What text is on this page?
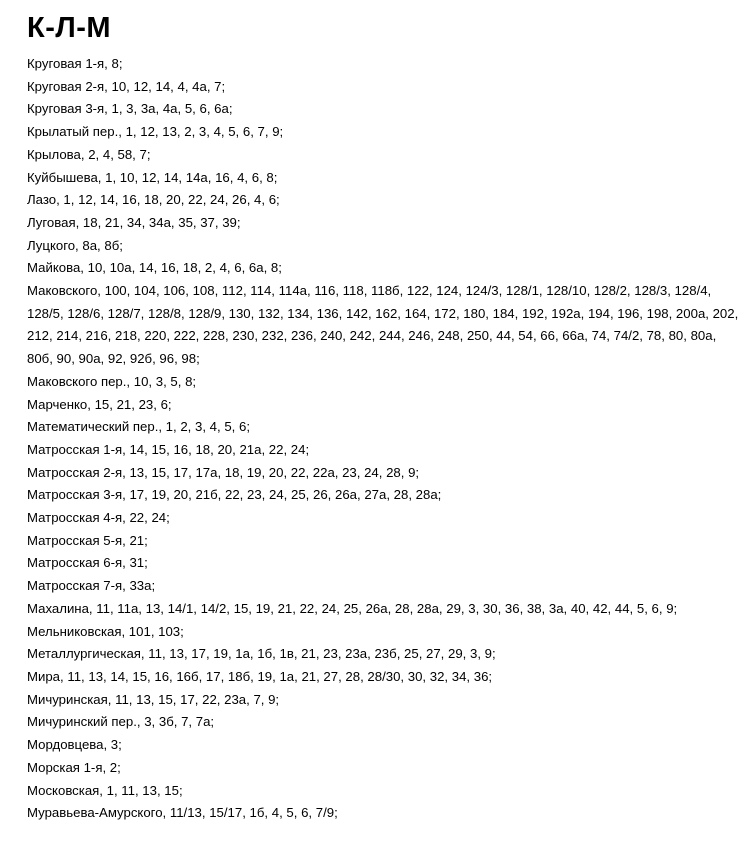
К-Л-М
Круговая 1-я, 8;
Круговая 2-я, 10, 12, 14, 4, 4а, 7;
Круговая 3-я, 1, 3, 3а, 4а, 5, 6, 6а;
Крылатый пер., 1, 12, 13, 2, 3, 4, 5, 6, 7, 9;
Крылова, 2, 4, 58, 7;
Куйбышева, 1, 10, 12, 14, 14а, 16, 4, 6, 8;
Лазо, 1, 12, 14, 16, 18, 20, 22, 24, 26, 4, 6;
Луговая, 18, 21, 34, 34а, 35, 37, 39;
Луцкого, 8а, 8б;
Майкова, 10, 10а, 14, 16, 18, 2, 4, 6, 6а, 8;
Маковского, 100, 104, 106, 108, 112, 114, 114а, 116, 118, 118б, 122, 124, 124/3, 128/1, 128/10, 128/2, 128/3, 128/4, 128/5, 128/6, 128/7, 128/8, 128/9, 130, 132, 134, 136, 142, 162, 164, 172, 180, 184, 192, 192а, 194, 196, 198, 200а, 202, 212, 214, 216, 218, 220, 222, 228, 230, 232, 236, 240, 242, 244, 246, 248, 250, 44, 54, 66, 66а, 74, 74/2, 78, 80, 80а, 80б, 90, 90а, 92, 92б, 96, 98;
Маковского пер., 10, 3, 5, 8;
Марченко, 15, 21, 23, 6;
Математический пер., 1, 2, 3, 4, 5, 6;
Матросская 1-я, 14, 15, 16, 18, 20, 21а, 22, 24;
Матросская 2-я, 13, 15, 17, 17а, 18, 19, 20, 22, 22а, 23, 24, 28, 9;
Матросская 3-я, 17, 19, 20, 21б, 22, 23, 24, 25, 26, 26а, 27а, 28, 28а;
Матросская 4-я, 22, 24;
Матросская 5-я, 21;
Матросская 6-я, 31;
Матросская 7-я, 33а;
Махалина, 11, 11а, 13, 14/1, 14/2, 15, 19, 21, 22, 24, 25, 26а, 28, 28а, 29, 3, 30, 36, 38, 3а, 40, 42, 44, 5, 6, 9;
Мельниковская, 101, 103;
Металлургическая, 11, 13, 17, 19, 1а, 1б, 1в, 21, 23, 23а, 23б, 25, 27, 29, 3, 9;
Мира, 11, 13, 14, 15, 16, 16б, 17, 18б, 19, 1а, 21, 27, 28, 28/30, 30, 32, 34, 36;
Мичуринская, 11, 13, 15, 17, 22, 23а, 7, 9;
Мичуринский пер., 3, 3б, 7, 7а;
Мордовцева, 3;
Морская 1-я, 2;
Московская, 1, 11, 13, 15;
Муравьева-Амурского, 11/13, 15/17, 1б, 4, 5, 6, 7/9;
